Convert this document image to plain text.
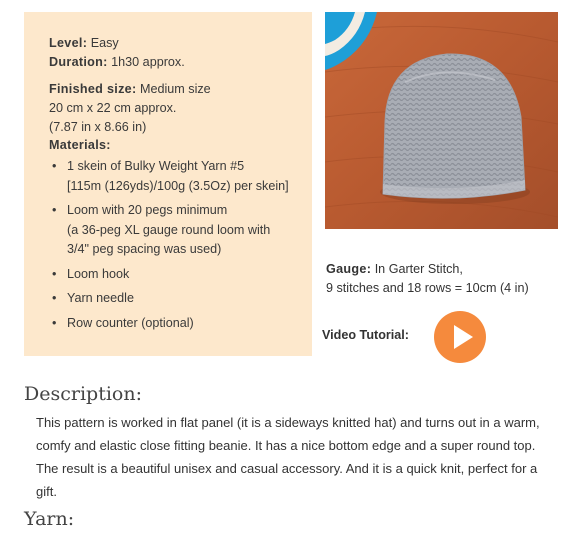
Level: Easy
Duration: 1h30 approx.
Finished size: Medium size
20 cm x 22 cm approx.
(7.87 in x 8.66 in)
Materials:
• 1 skein of Bulky Weight Yarn #5
[115m (126yds)/100g (3.5Oz) per skein]
• Loom with 20 pegs minimum
(a 36-peg XL gauge round loom with
3/4" peg spacing was used)
• Loom hook
• Yarn needle
• Row counter (optional)
Gauge: In Garter Stitch,
9 stitches and 18 rows = 10cm (4 in)
Video Tutorial:
Description:

This pattern is worked in flat panel (it is a sideways knitted hat) and turns out in a warm, comfy and elastic close fitting beanie. It has a nice bottom edge and a super round top. The result is a beautiful unisex and casual accessory. And it is a quick knit, perfect for a gift.

Yarn:
